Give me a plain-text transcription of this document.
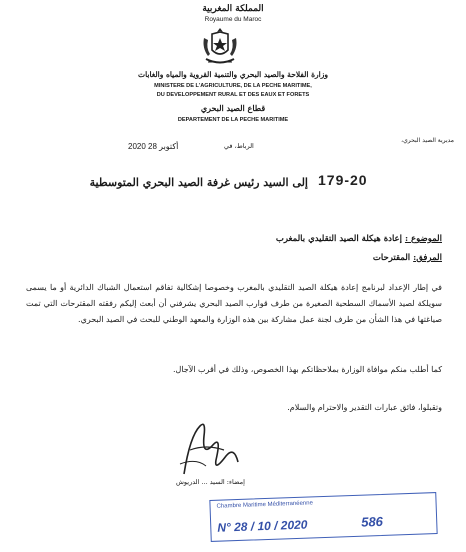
المملكة المغربية
Royaume du Maroc
وزارة الفلاحة والصيد البحري والتنمية القروية والمياه والغابات
MINISTERE DE L'AGRICULTURE, DE LA PECHE MARITIME,
DU DEVELOPPEMENT RURAL ET DES EAUX ET FORETS
قطاع الصيد البحري
DEPARTEMENT DE LA PECHE MARITIME
مديرية الصيد البحري،
2020 أكتوبر 28	الرباط، في
179-20
إلى السيد رئيس غرفة الصيد البحري المتوسطية
الموضوع : إعادة هيكلة الصيد التقليدي بالمغرب
المرفق: المقترحات
في إطار الإعداد لبرنامج إعادة هيكلة الصيد التقليدي بالمغرب وخصوصا إشكالية تفاقم استعمال الشباك الدائرية أو ما يسمى سويلكة لصيد الأسماك السطحية الصغيرة من طرف قوارب الصيد البحري يشرفني أن أبعث إليكم رفقته المقترحات التي تمت صياغتها في هذا الشأن من طرف لجنة عمل مشاركة بين هذه الوزارة والمعهد الوطني للبحث في الصيد البحري.
كما أطلب منكم موافاة الوزارة بملاحظاتكم بهذا الخصوص، وذلك في أقرب الآجال.
وتقبلوا، فائق عبارات التقدير والاحترام والسلام.
إمضاء: السيد ... الدريوش
Chambre Maritime Méditerranéenne
N° 28 / 10 / 2020	586
